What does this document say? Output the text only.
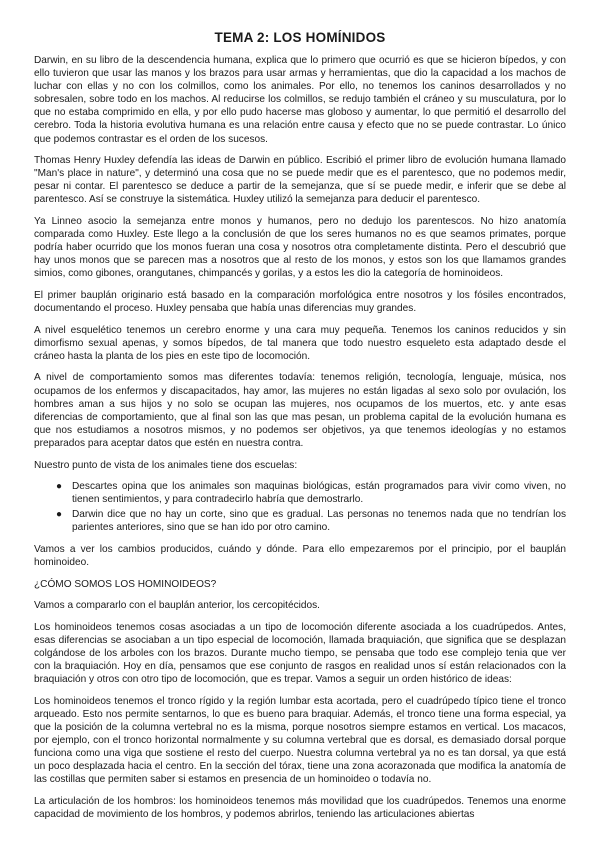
TEMA 2: LOS HOMÍNIDOS

Darwin, en su libro de la descendencia humana, explica que lo primero que ocurrió es que se hicieron bípedos, y con ello tuvieron que usar las manos y los brazos para usar armas y herramientas, que dio la capacidad a los machos de luchar con ellas y no con los colmillos, como los animales. Por ello, no tenemos los caninos desarrollados y no sobresalen, sobre todo en los machos. Al reducirse los colmillos, se redujo también el cráneo y su musculatura, por lo que no estaba comprimido en ella, y por ello pudo hacerse mas globoso y aumentar, lo que permitió el desarrollo del cerebro. Toda la historia evolutiva humana es una relación entre causa y efecto que no se puede contrastar. Lo único que podemos contrastar es el orden de los sucesos.

Thomas Henry Huxley defendía las ideas de Darwin en público. Escribió el primer libro de evolución humana llamado "Man's place in nature", y determinó una cosa que no se puede medir que es el parentesco, que no podemos medir, pesar ni contar. El parentesco se deduce a partir de la semejanza, que sí se puede medir, e inferir que se debe al parentesco. Así se construye la sistemática. Huxley utilizó la semejanza para deducir el parentesco.

Ya Linneo asocio la semejanza entre monos y humanos, pero no dedujo los parentescos. No hizo anatomía comparada como Huxley. Este llego a la conclusión de que los seres humanos no es que seamos primates, porque podría haber ocurrido que los monos fueran una cosa y nosotros otra completamente distinta. Pero el descubrió que hay unos monos que se parecen mas a nosotros que al resto de los monos, y estos son los que llamamos grandes simios, como gibones, orangutanes, chimpancés y gorilas, y a estos les dio la categoría de hominoideos.

El primer bauplán originario está basado en la comparación morfológica entre nosotros y los fósiles encontrados, documentando el proceso. Huxley pensaba que había unas diferencias muy grandes.

A nivel esquelético tenemos un cerebro enorme y una cara muy pequeña. Tenemos los caninos reducidos y sin dimorfismo sexual apenas, y somos bípedos, de tal manera que todo nuestro esqueleto esta adaptado desde el cráneo hasta la planta de los pies en este tipo de locomoción.

A nivel de comportamiento somos mas diferentes todavía: tenemos religión, tecnología, lenguaje, música, nos ocupamos de los enfermos y discapacitados, hay amor, las mujeres no están ligadas al sexo solo por ovulación, los hombres aman a sus hijos y no solo se ocupan las mujeres, nos ocupamos de los muertos, etc. y ante esas diferencias de comportamiento, que al final son las que mas pesan, un problema capital de la evolución humana es que nos estudiamos a nosotros mismos, y no podemos ser objetivos, ya que tenemos ideologías y no estamos preparados para aceptar datos que estén en nuestra contra.

Nuestro punto de vista de los animales tiene dos escuelas:

● Descartes opina que los animales son maquinas biológicas, están programados para vivir como viven, no tienen sentimientos, y para contradecirlo habría que demostrarlo.
● Darwin dice que no hay un corte, sino que es gradual. Las personas no tenemos nada que no tendrían los parientes anteriores, sino que se han ido por otro camino.

Vamos a ver los cambios producidos, cuándo y dónde. Para ello empezaremos por el principio, por el bauplán hominoideo.

¿CÓMO SOMOS LOS HOMINOIDEOS?

Vamos a compararlo con el bauplán anterior, los cercopitécidos.

Los hominoideos tenemos cosas asociadas a un tipo de locomoción diferente asociada a los cuadrúpedos. Antes, esas diferencias se asociaban a un tipo especial de locomoción, llamada braquiación, que significa que se desplazan colgándose de los arboles con los brazos. Durante mucho tiempo, se pensaba que todo ese complejo tenia que ver con la braquiación. Hoy en día, pensamos que ese conjunto de rasgos en realidad unos sí están relacionados con la braquiación y otros con otro tipo de locomoción, que es trepar. Vamos a seguir un orden histórico de ideas:

Los hominoideos tenemos el tronco rígido y la región lumbar esta acortada, pero el cuadrúpedo típico tiene el tronco arqueado. Esto nos permite sentarnos, lo que es bueno para braquiar. Además, el tronco tiene una forma especial, ya que la posición de la columna vertebral no es la misma, porque nosotros siempre estamos en vertical. Los macacos, por ejemplo, con el tronco horizontal normalmente y su columna vertebral que es dorsal, es demasiado dorsal porque funciona como una viga que sostiene el resto del cuerpo. Nuestra columna vertebral ya no es tan dorsal, ya que está un poco desplazada hacia el centro. En la sección del tórax, tiene una zona acorazonada que modifica la anatomía de las costillas que permiten saber si estamos en presencia de un hominoideo o todavía no.

La articulación de los hombros: los hominoideos tenemos más movilidad que los cuadrúpedos. Tenemos una enorme capacidad de movimiento de los hombros, y podemos abrirlos, teniendo las articulaciones abiertas
